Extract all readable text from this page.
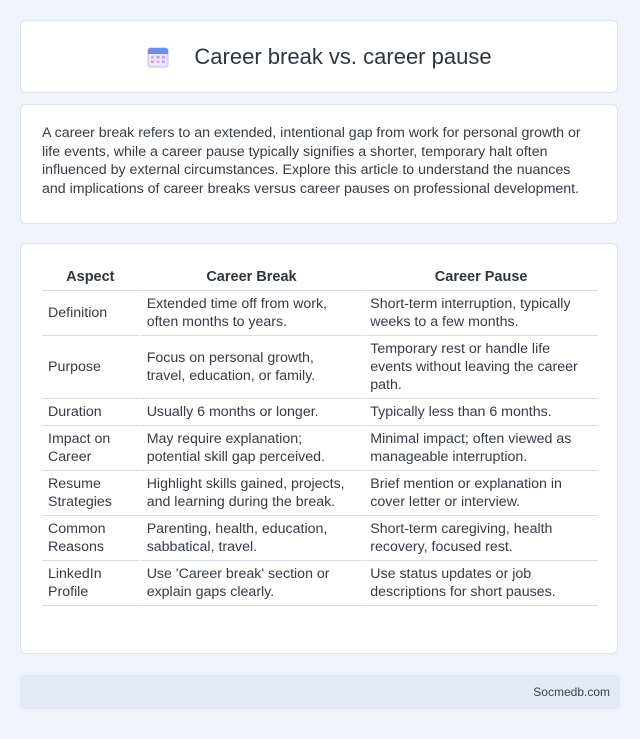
Career break vs. career pause

A career break refers to an extended, intentional gap from work for personal growth or life events, while a career pause typically signifies a shorter, temporary halt often influenced by external circumstances. Explore this article to understand the nuances and implications of career breaks versus career pauses on professional development.

Aspect	Career Break	Career Pause
Definition	Extended time off from work, often months to years.	Short-term interruption, typically weeks to a few months.
Purpose	Focus on personal growth, travel, education, or family.	Temporary rest or handle life events without leaving the career path.
Duration	Usually 6 months or longer.	Typically less than 6 months.
Impact on Career	May require explanation; potential skill gap perceived.	Minimal impact; often viewed as manageable interruption.
Resume Strategies	Highlight skills gained, projects, and learning during the break.	Brief mention or explanation in cover letter or interview.
Common Reasons	Parenting, health, education, sabbatical, travel.	Short-term caregiving, health recovery, focused rest.
LinkedIn Profile	Use 'Career break' section or explain gaps clearly.	Use status updates or job descriptions for short pauses.
Socmedb.com
